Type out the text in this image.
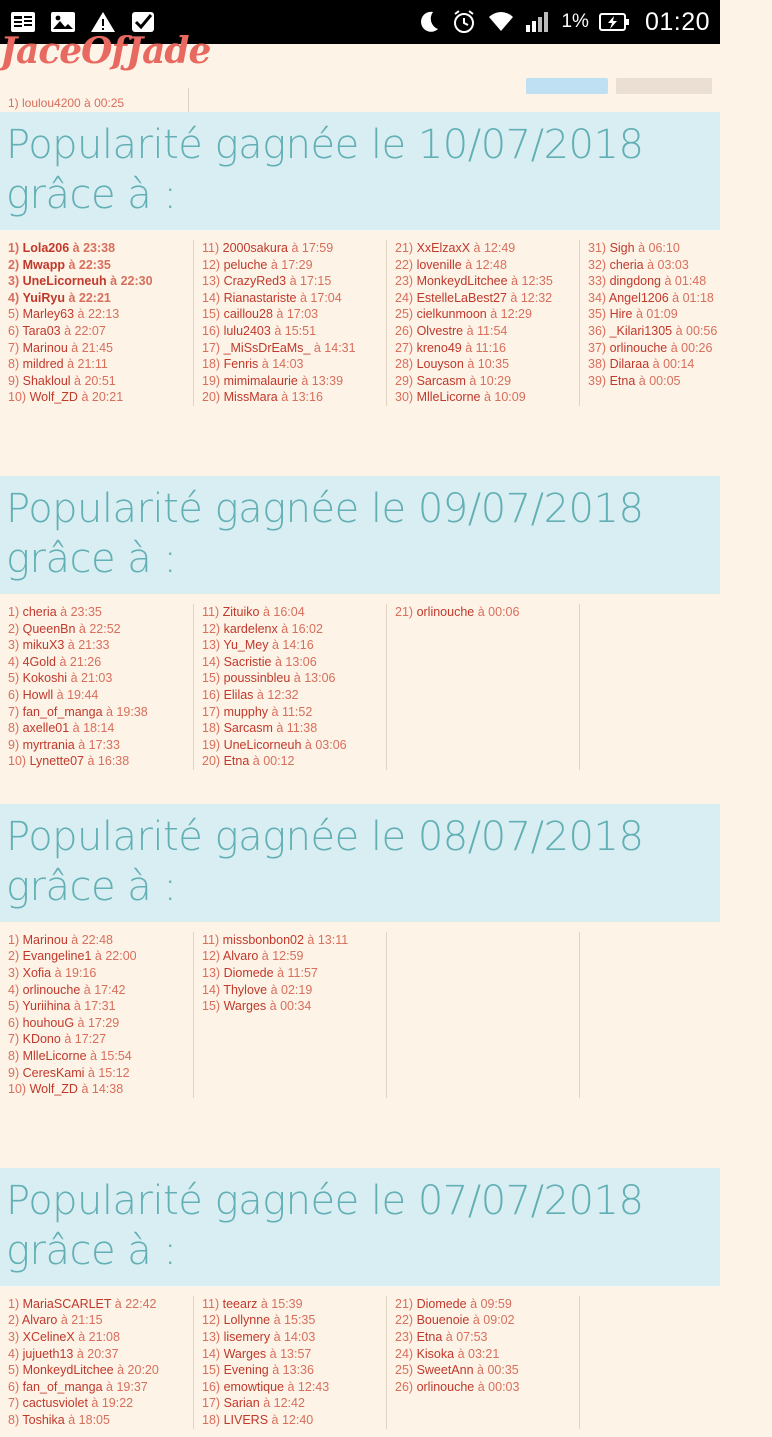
1% 01:20
JaceOfJade
1) loulou4200 à 00:25
Popularité gagnée le 10/07/2018 grâce à :
1) Lola206 à 23:38
2) Mwapp à 22:35
3) UneLicorneuh à 22:30
4) YuiRyu à 22:21
5) Marley63 à 22:13
6) Tara03 à 22:07
7) Marinou à 21:45
8) mildred à 21:11
9) Shakloul à 20:51
10) Wolf_ZD à 20:21
11) 2000sakura à 17:59
12) peluche à 17:29
13) CrazyRed3 à 17:15
14) Rianastariste à 17:04
15) caillou28 à 17:03
16) lulu2403 à 15:51
17) _MiSsDrEaMs_ à 14:31
18) Fenris à 14:03
19) mimimalaurie à 13:39
20) MissMara à 13:16
21) XxElzaxX à 12:49
22) lovenille à 12:48
23) MonkeydLitchee à 12:35
24) EstelleLaBest27 à 12:32
25) cielkunmoon à 12:29
26) Olvestre à 11:54
27) kreno49 à 11:16
28) Louyson à 10:35
29) Sarcasm à 10:29
30) MlleLicorne à 10:09
31) Sigh à 06:10
32) cheria à 03:03
33) dingdong à 01:48
34) Angel1206 à 01:18
35) Hire à 01:09
36) _Kilari1305 à 00:56
37) orlinouche à 00:26
38) Dilaraa à 00:14
39) Etna à 00:05
Popularité gagnée le 09/07/2018 grâce à :
1) cheria à 23:35
2) QueenBn à 22:52
3) mikuX3 à 21:33
4) 4Gold à 21:26
5) Kokoshi à 21:03
6) Howll à 19:44
7) fan_of_manga à 19:38
8) axelle01 à 18:14
9) myrtrania à 17:33
10) Lynette07 à 16:38
11) Zituiko à 16:04
12) kardelenx à 16:02
13) Yu_Mey à 14:16
14) Sacristie à 13:06
15) poussinbleu à 13:06
16) Elilas à 12:32
17) mupphy à 11:52
18) Sarcasm à 11:38
19) UneLicorneuh à 03:06
20) Etna à 00:12
21) orlinouche à 00:06
Popularité gagnée le 08/07/2018 grâce à :
1) Marinou à 22:48
2) Evangeline1 à 22:00
3) Xofia à 19:16
4) orlinouche à 17:42
5) Yuriihina à 17:31
6) houhouG à 17:29
7) KDono à 17:27
8) MlleLicorne à 15:54
9) CeresKami à 15:12
10) Wolf_ZD à 14:38
11) missbonbon02 à 13:11
12) Alvaro à 12:59
13) Diomede à 11:57
14) Thylove à 02:19
15) Warges à 00:34
Popularité gagnée le 07/07/2018 grâce à :
1) MariaSCARLET à 22:42
2) Alvaro à 21:15
3) XCelineX à 21:08
4) jujueth13 à 20:37
5) MonkeydLitchee à 20:20
6) fan_of_manga à 19:37
7) cactusviolet à 19:22
8) Toshika à 18:05
11) teearz à 15:39
12) Lollynne à 15:35
13) lisemery à 14:03
14) Warges à 13:57
15) Evening à 13:36
16) emowtique à 12:43
17) Sarian à 12:42
18) LIVERS à 12:40
21) Diomede à 09:59
22) Bouenoie à 09:02
23) Etna à 07:53
24) Kisoka à 03:21
25) SweetAnn à 00:35
26) orlinouche à 00:03
